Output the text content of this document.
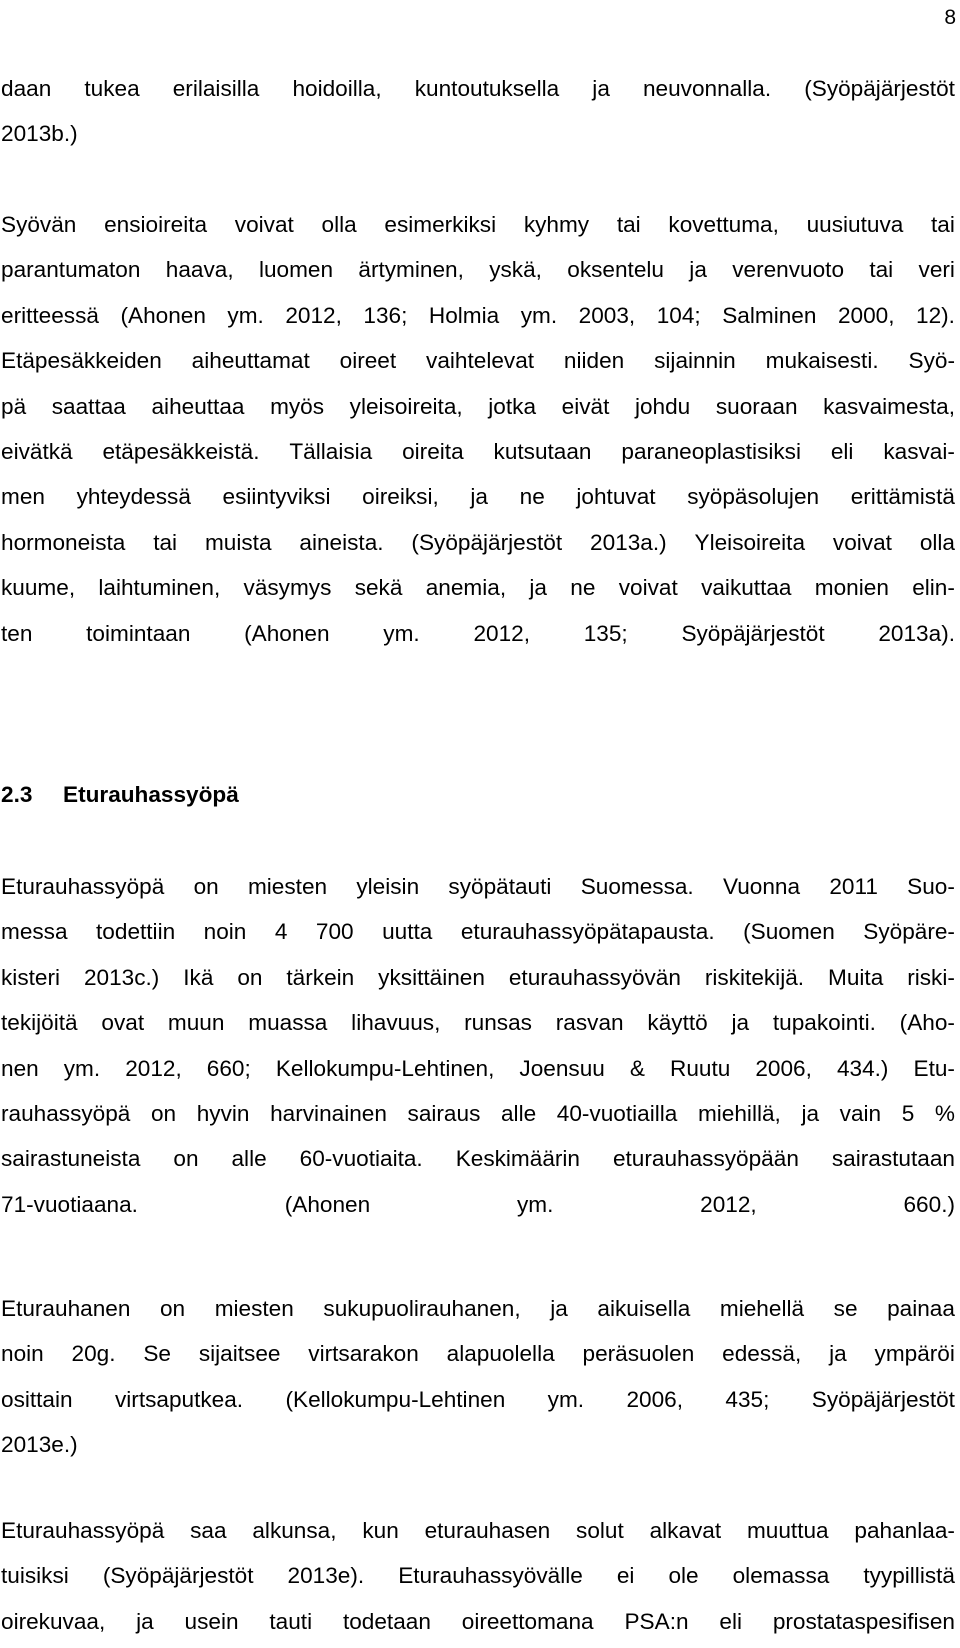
8
daan tukea erilaisilla hoidoilla, kuntoutuksella ja neuvonnalla. (Syöpäjärjestöt
2013b.)
Syövän ensioireita voivat olla esimerkiksi kyhmy tai kovettuma, uusiutuva tai
parantumaton haava, luomen ärtyminen, yskä, oksentelu ja verenvuoto tai veri
eritteessä (Ahonen ym. 2012, 136; Holmia ym. 2003, 104; Salminen 2000, 12).
Etäpesäkkeiden aiheuttamat oireet vaihtelevat niiden sijainnin mukaisesti. Syö-
pä saattaa aiheuttaa myös yleisoireita, jotka eivät johdu suoraan kasvaimesta,
eivätkä etäpesäkkeistä. Tällaisia oireita kutsutaan paraneoplastisiksi eli kasvai-
men yhteydessä esiintyviksi oireiksi, ja ne johtuvat syöpäsolujen erittämistä
hormoneista tai muista aineista. (Syöpäjärjestöt 2013a.) Yleisoireita voivat olla
kuume, laihtuminen, väsymys sekä anemia, ja ne voivat vaikuttaa monien elin-
ten toimintaan (Ahonen ym. 2012, 135; Syöpäjärjestöt 2013a).
2.3 Eturauhassyöpä
Eturauhassyöpä on miesten yleisin syöpätauti Suomessa. Vuonna 2011 Suo-
messa todettiin noin 4 700 uutta eturauhassyöpätapausta. (Suomen Syöpäre-
kisteri 2013c.) Ikä on tärkein yksittäinen eturauhassyövän riskitekijä. Muita riski-
tekijöitä ovat muun muassa lihavuus, runsas rasvan käyttö ja tupakointi. (Aho-
nen ym. 2012, 660; Kellokumpu-Lehtinen, Joensuu & Ruutu 2006, 434.) Etu-
rauhassyöpä on hyvin harvinainen sairaus alle 40-vuotiailla miehillä, ja vain 5 %
sairastuneista on alle 60-vuotiaita. Keskimäärin eturauhassyöpään sairastutaan
71-vuotiaana. (Ahonen ym. 2012, 660.)
Eturauhanen on miesten sukupuolirauhanen, ja aikuisella miehellä se painaa
noin 20g. Se sijaitsee virtsarakon alapuolella peräsuolen edessä, ja ympäröi
osittain virtsaputkea. (Kellokumpu-Lehtinen ym. 2006, 435; Syöpäjärjestöt
2013e.)
Eturauhassyöpä saa alkunsa, kun eturauhasen solut alkavat muuttua pahanlaa-
tuisiksi (Syöpäjärjestöt 2013e). Eturauhassyövälle ei ole olemassa tyypillistä
oirekuvaa, ja usein tauti todetaan oireettomana PSA:n eli prostataspesifisen
